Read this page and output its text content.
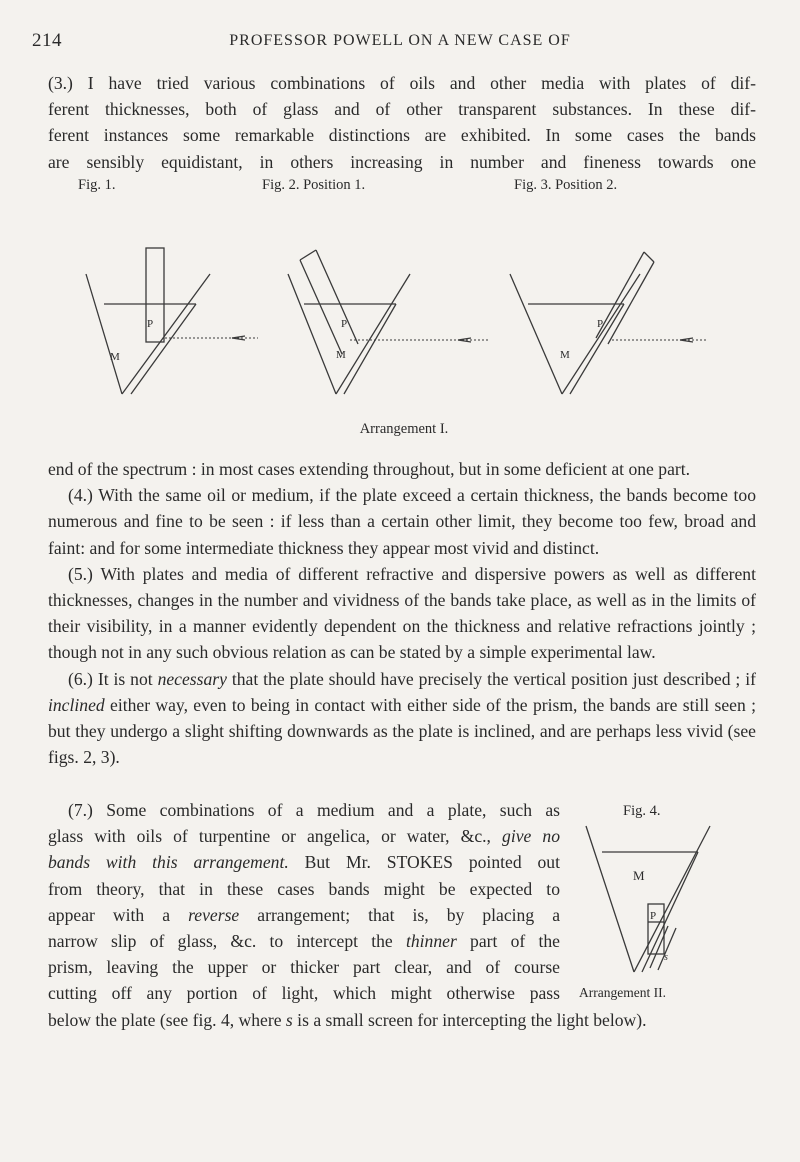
214	PROFESSOR POWELL ON A NEW CASE OF
(3.) I have tried various combinations of oils and other media with plates of dif-
ferent thicknesses, both of glass and of other transparent substances. In these dif-
ferent instances some remarkable distinctions are exhibited. In some cases the bands
are sensibly equidistant, in others increasing in number and fineness towards one
Fig. 1.	Fig. 2. Position 1.	Fig. 3. Position 2.
P
M
P
M
P
M
Arrangement I.

end of the spectrum : in most cases extending throughout, but in some deficient at one part.

(4.) With the same oil or medium, if the plate exceed a certain thickness, the bands become too numerous and fine to be seen : if less than a certain other limit, they become too few, broad and faint: and for some intermediate thickness they appear most vivid and distinct.

(5.) With plates and media of different refractive and dispersive powers as well as different thicknesses, changes in the number and vividness of the bands take place, as well as in the limits of their visibility, in a manner evidently dependent on the thickness and relative refractions jointly ; though not in any such obvious relation as can be stated by a simple experimental law.

(6.) It is not necessary that the plate should have precisely the vertical position just described ; if inclined either way, even to being in contact with either side of the prism, the bands are still seen ; but they undergo a slight shifting downwards as the plate is inclined, and are perhaps less vivid (see figs. 2, 3).

(7.) Some combinations of a medium and a plate, such as
glass with oils of turpentine or angelica, or water, &c., give no
bands with this arrangement. But Mr. STOKES pointed out
from theory, that in these cases bands might be expected to
appear with a reverse arrangement; that is, by placing a
narrow slip of glass, &c. to intercept the thinner part of the
prism, leaving the upper or thicker part clear, and of course
cutting off any portion of light, which might otherwise pass

below the plate (see fig. 4, where s is a small screen for intercepting the light below).

Fig. 4.
M
P
s
Arrangement II.
